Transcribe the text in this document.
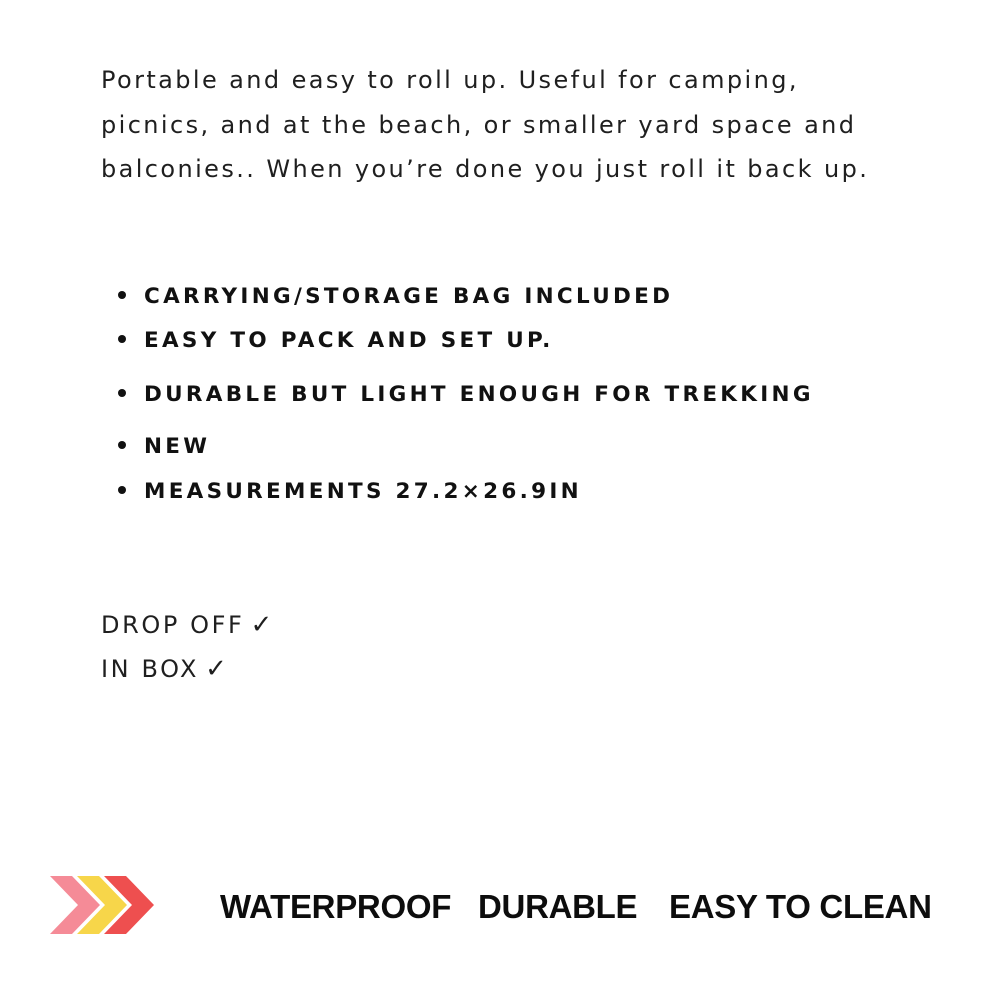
Portable and easy to roll up. Useful for camping,
picnics, and at the beach, or smaller yard space and
balconies.. When you’re done you just roll it back up.

CARRYING/STORAGE BAG INCLUDED
EASY TO PACK AND SET UP.
DURABLE BUT LIGHT ENOUGH FOR TREKKING
NEW
MEASUREMENTS 27.2×26.9IN
DROP OFF ✓
IN BOX ✓
WATERPROOF DURABLE EASY TO CLEAN
